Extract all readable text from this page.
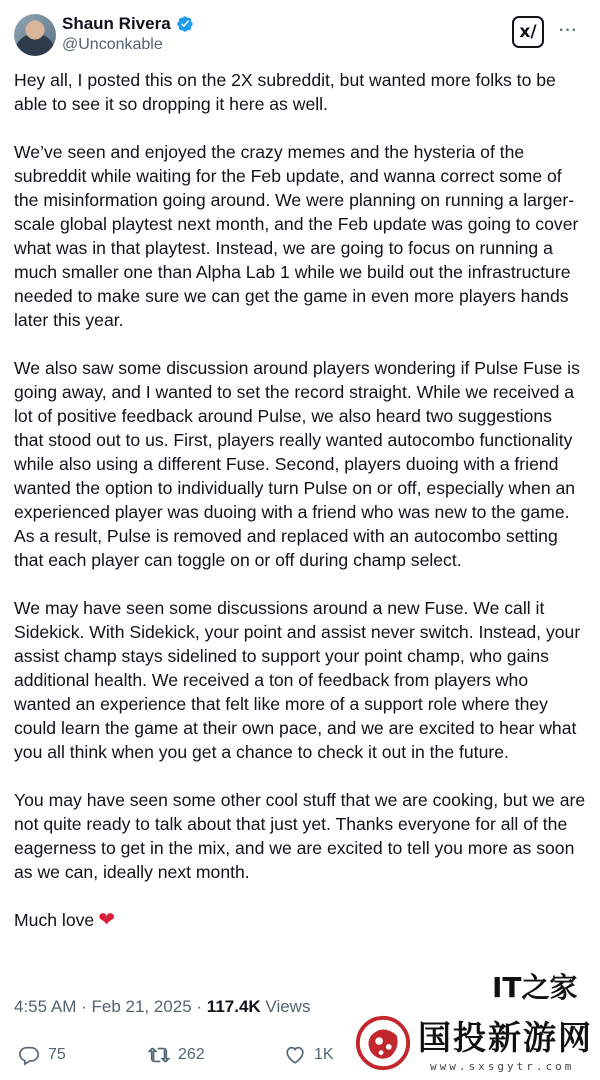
Shaun Rivera
@Unconkable
x/ ···

Hey all, I posted this on the 2X subreddit, but wanted more folks to be able to see it so dropping it here as well.

We’ve seen and enjoyed the crazy memes and the hysteria of the subreddit while waiting for the Feb update, and wanna correct some of the misinformation going around. We were planning on running a larger-scale global playtest next month, and the Feb update was going to cover what was in that playtest. Instead, we are going to focus on running a much smaller one than Alpha Lab 1 while we build out the infrastructure needed to make sure we can get the game in even more players hands later this year.

We also saw some discussion around players wondering if Pulse Fuse is going away, and I wanted to set the record straight. While we received a lot of positive feedback around Pulse, we also heard two suggestions that stood out to us. First, players really wanted autocombo functionality while also using a different Fuse. Second, players duoing with a friend wanted the option to individually turn Pulse on or off, especially when an experienced player was duoing with a friend who was new to the game. As a result, Pulse is removed and replaced with an autocombo setting that each player can toggle on or off during champ select.

We may have seen some discussions around a new Fuse. We call it Sidekick. With Sidekick, your point and assist never switch. Instead, your assist champ stays sidelined to support your point champ, who gains additional health. We received a ton of feedback from players who wanted an experience that felt like more of a support role where they could learn the game at their own pace, and we are excited to hear what you all think when you get a chance to check it out in the future.

You may have seen some other cool stuff that we are cooking, but we are not quite ready to talk about that just yet. Thanks everyone for all of the eagerness to get in the mix, and we are excited to tell you more as soon as we can, ideally next month.

Much love ❤

4:55 AM · Feb 21, 2025 · 117.4K Views
75	262	1K
IT之家
国投新游网
www.sxsgytr.com
